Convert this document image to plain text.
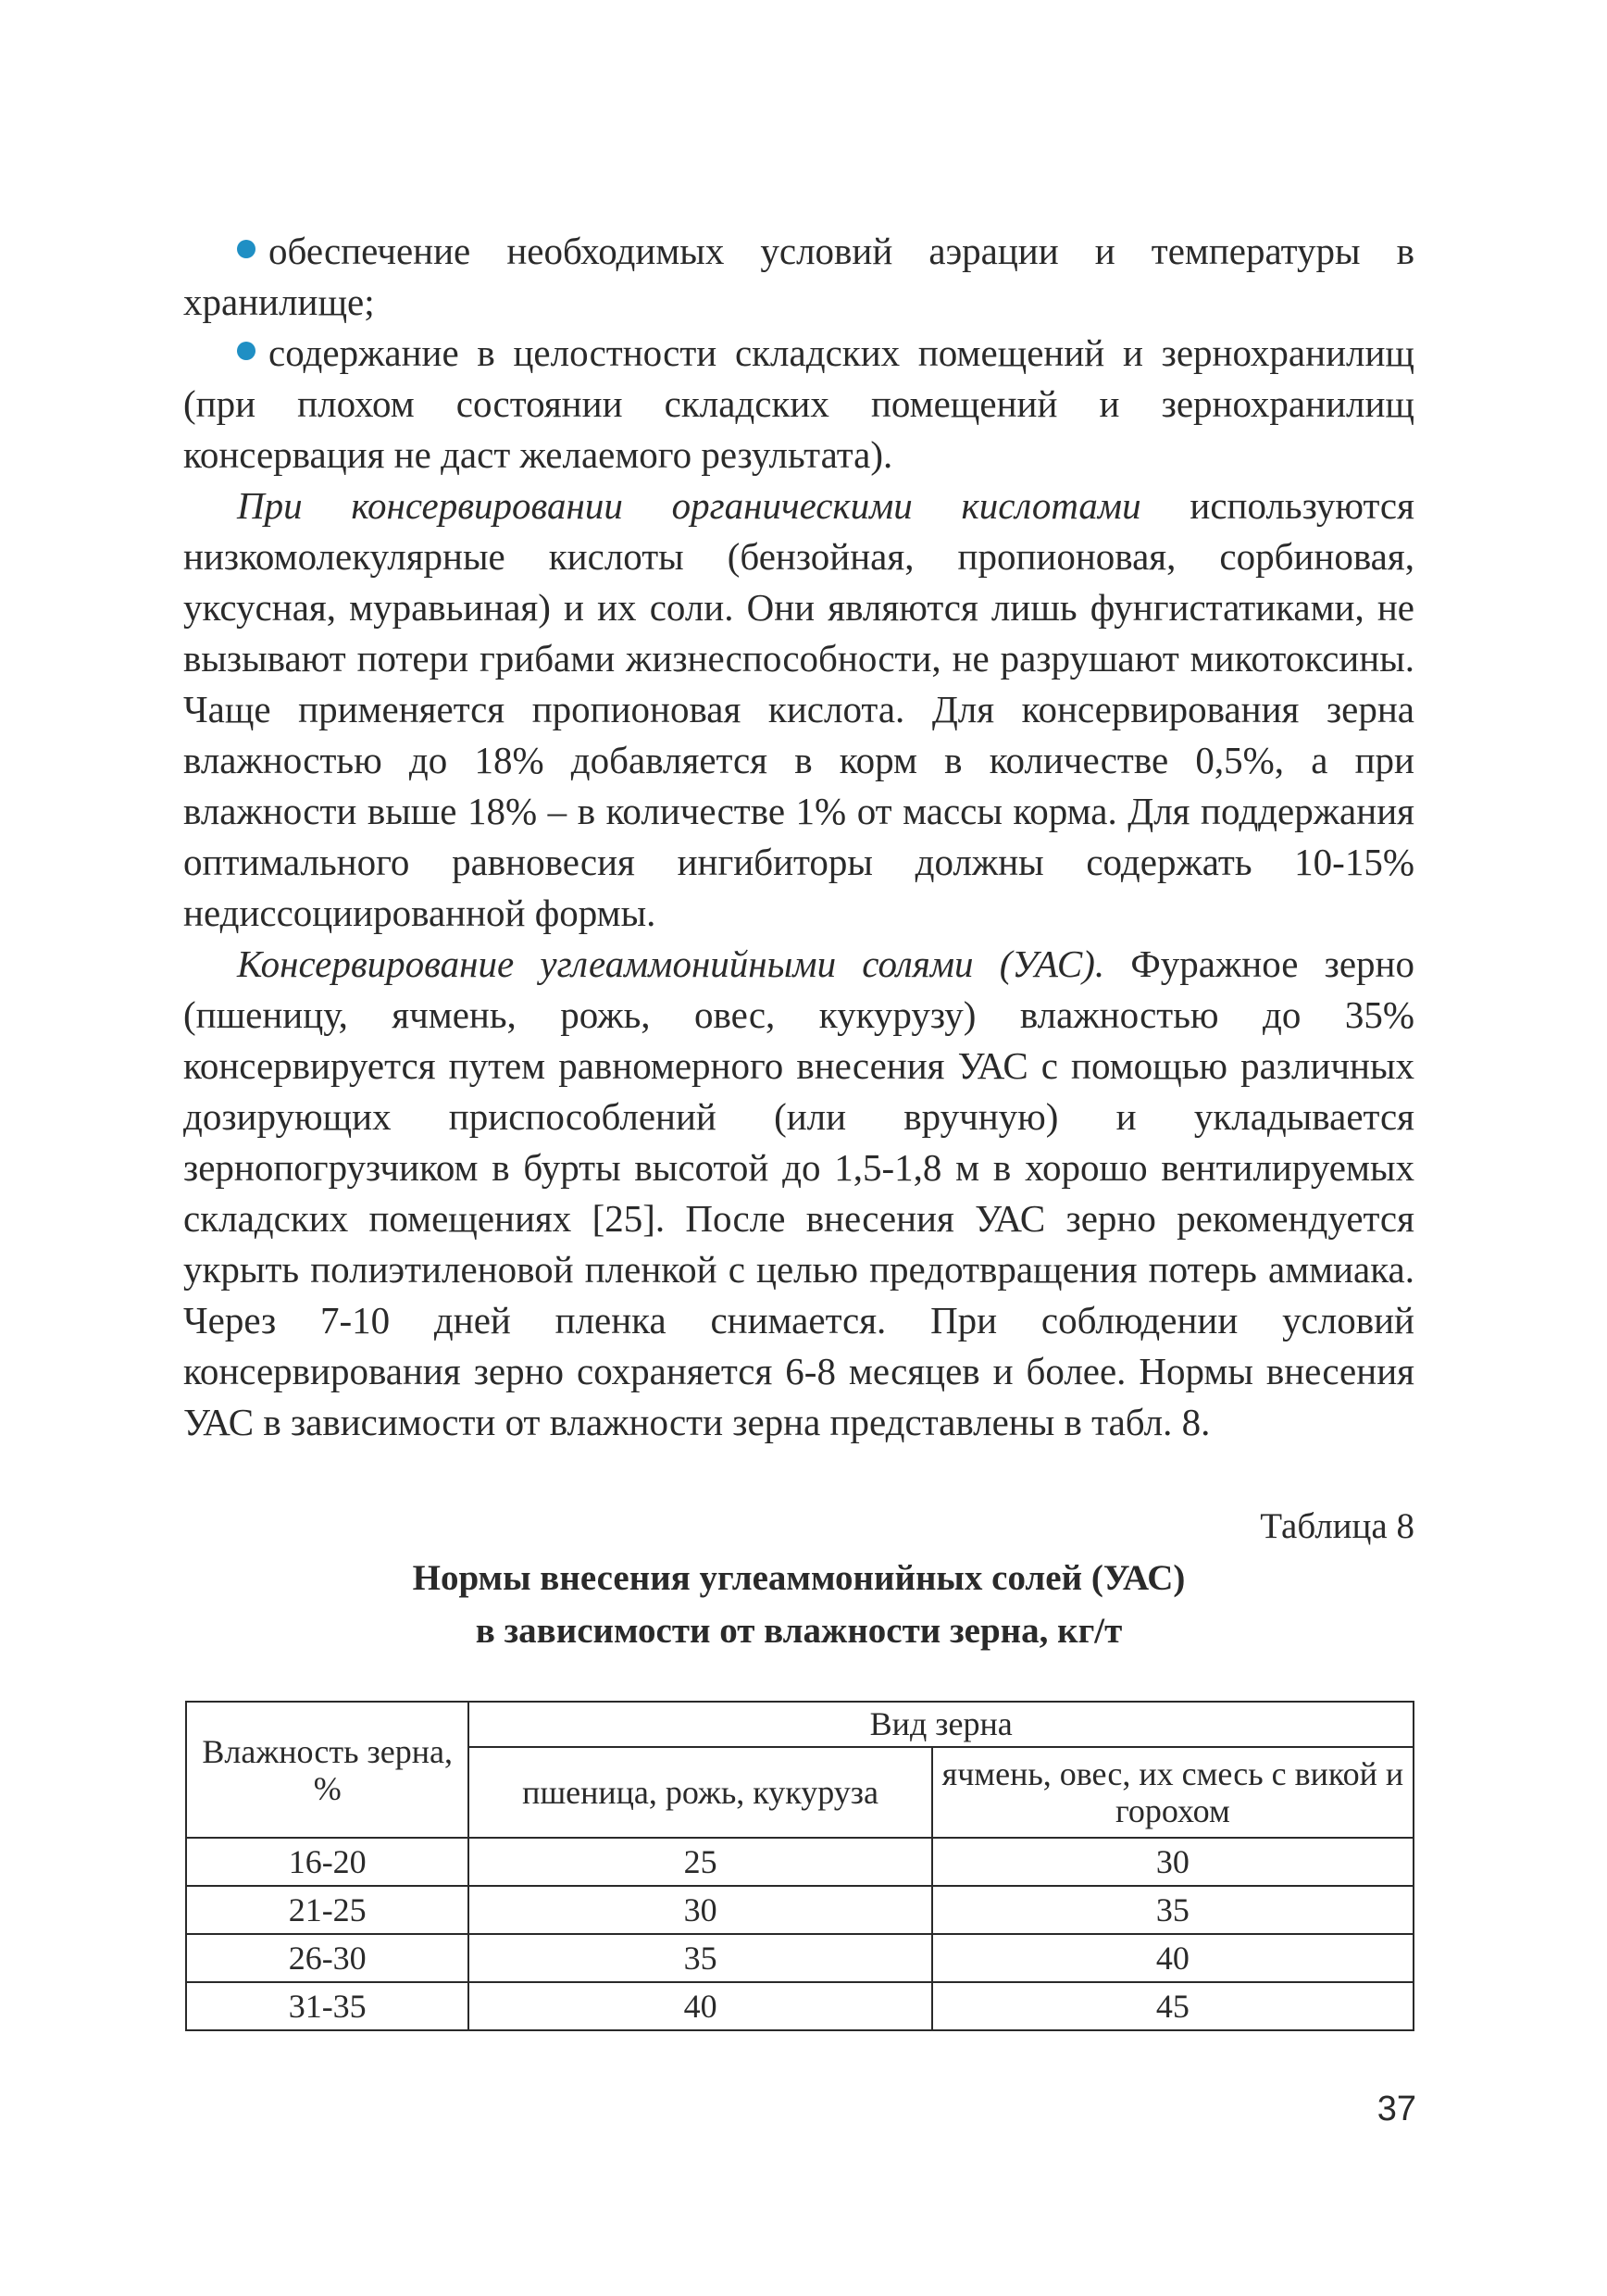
обеспечение необходимых условий аэрации и температуры в хранилище;

содержание в целостности складских помещений и зернохранилищ (при плохом состоянии складских помещений и зернохранилищ консервация не даст желаемого результата).

При консервировании органическими кислотами используются низкомолекулярные кислоты (бензойная, пропионовая, сорбиновая, уксусная, муравьиная) и их соли. Они являются лишь фунгистатиками, не вызывают потери грибами жизнеспособности, не разрушают микотоксины. Чаще применяется пропионовая кислота. Для консервирования зерна влажностью до 18% добавляется в корм в количестве 0,5%, а при влажности выше 18% – в количестве 1% от массы корма. Для поддержания оптимального равновесия ингибиторы должны содержать 10-15% недиссоциированной формы.

Консервирование углеаммонийными солями (УАС). Фуражное зерно (пшеницу, ячмень, рожь, овес, кукурузу) влажностью до 35% консервируется путем равномерного внесения УАС с помощью различных дозирующих приспособлений (или вручную) и укладывается зернопогрузчиком в бурты высотой до 1,5-1,8 м в хорошо вентилируемых складских помещениях [25]. После внесения УАС зерно рекомендуется укрыть полиэтиленовой пленкой с целью предотвращения потерь аммиака. Через 7-10 дней пленка снимается. При соблюдении условий консервирования зерно сохраняется 6-8 месяцев и более. Нормы внесения УАС в зависимости от влажности зерна представлены в табл. 8.

Таблица 8
Нормы внесения углеаммонийных солей (УАС)
в зависимости от влажности зерна, кг/т
Влажность зерна, %	Вид зерна	
	пшеница, рожь, кукуруза	ячмень, овес, их смесь с викой и горохом
16-20	25	30
21-25	30	35
26-30	35	40
31-35	40	45
37
